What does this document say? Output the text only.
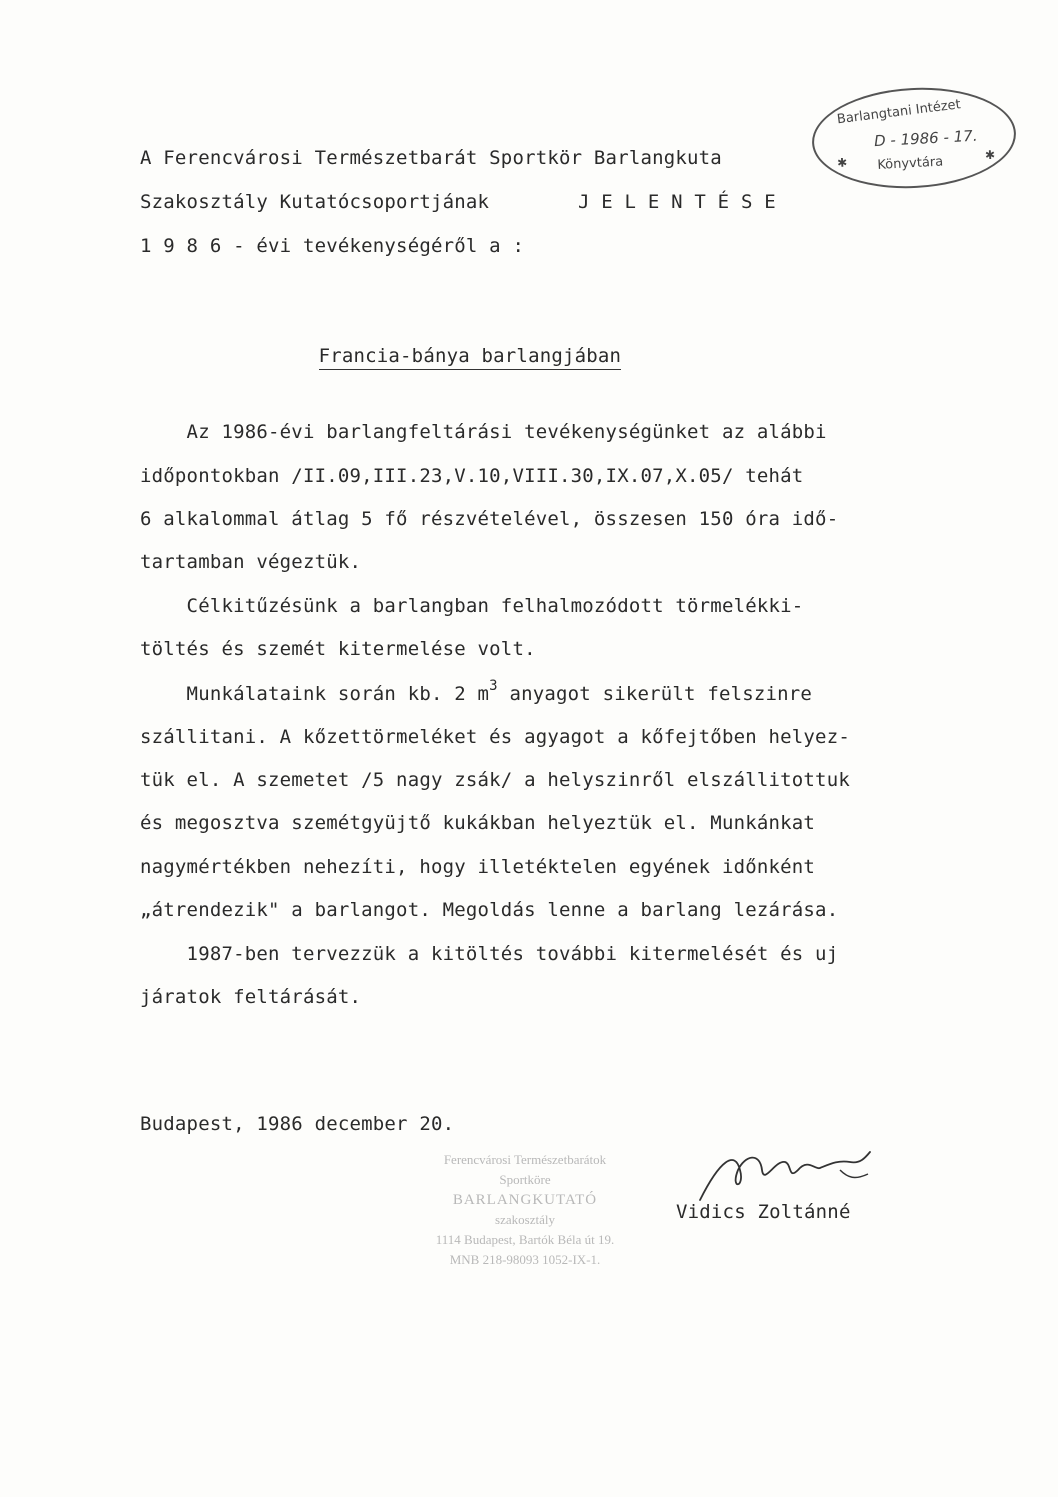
Barlangtani Intézet
D - 1986 - 17.
Könyvtára
✱
✱
A Ferencvárosi Természetbarát Sportkör Barlangkuta
Szakosztály Kutatócsoportjának	J E L E N T É S E
1 9 8 6 - évi tevékenységéről a :

Francia-bánya barlangjában

Az 1986-évi barlangfeltárási tevékenységünket az alábbi
időpontokban /II.09,III.23,V.10,VIII.30,IX.07,X.05/ tehát
6 alkalommal átlag 5 fő részvételével, összesen 150 óra idő-
tartamban végeztük.
Célkitűzésünk a barlangban felhalmozódott törmelékki-
töltés és szemét kitermelése volt.
Munkálataink során kb. 2 $m^3$ anyagot sikerült felszinre
szállitani. A kőzettörmeléket és agyagot a kőfejtőben helyez-
tük el. A szemetet /5 nagy zsák/ a helyszinről elszállitottuk
és megosztva szemétgyüjtő kukákban helyeztük el. Munkánkat
nagymértékben nehezíti, hogy illetéktelen egyének időnként
„átrendezik" a barlangot. Megoldás lenne a barlang lezárása.
1987-ben tervezzük a kitöltés további kitermelését és uj
járatok feltárását.
Budapest, 1986 december 20.
Ferencvárosi Természetbarátok
Sportköre
BARLANGKUTATÓ
szakosztály
1114 Budapest, Bartók Béla út 19.
MNB 218-98093 1052-IX-1.
Vidics Zoltánné
